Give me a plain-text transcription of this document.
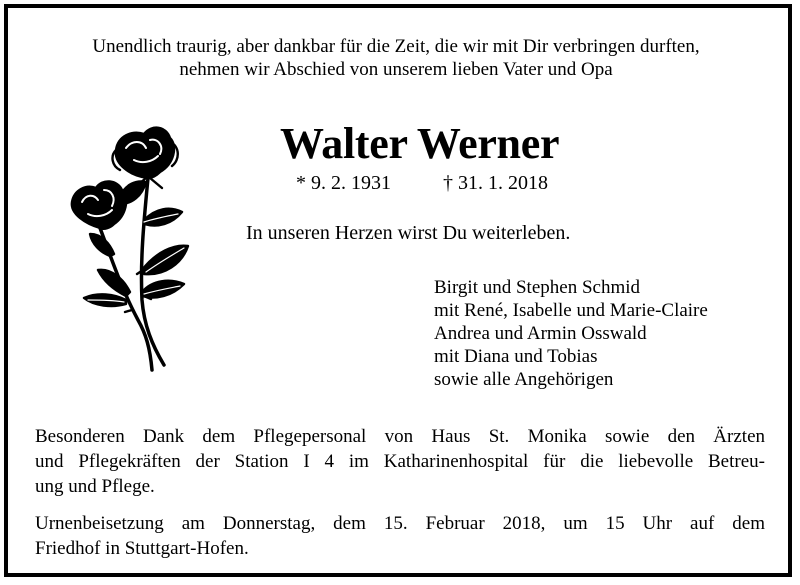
Unendlich traurig, aber dankbar für die Zeit, die wir mit Dir verbringen durften,
nehmen wir Abschied von unserem lieben Vater und Opa
Walter Werner
* 9. 2. 1931	† 31. 1. 2018
In unseren Herzen wirst Du weiterleben.
Birgit und Stephen Schmid
mit René, Isabelle und Marie-Claire
Andrea und Armin Osswald
mit Diana und Tobias
sowie alle Angehörigen
Besonderen Dank dem Pflegepersonal von Haus St. Monika sowie den Ärzten
und Pflegekräften der Station I 4 im Katharinenhospital für die liebevolle Betreu-
ung und Pflege.
Urnenbeisetzung am Donnerstag, dem 15. Februar 2018, um 15 Uhr auf dem
Friedhof in Stuttgart-Hofen.
